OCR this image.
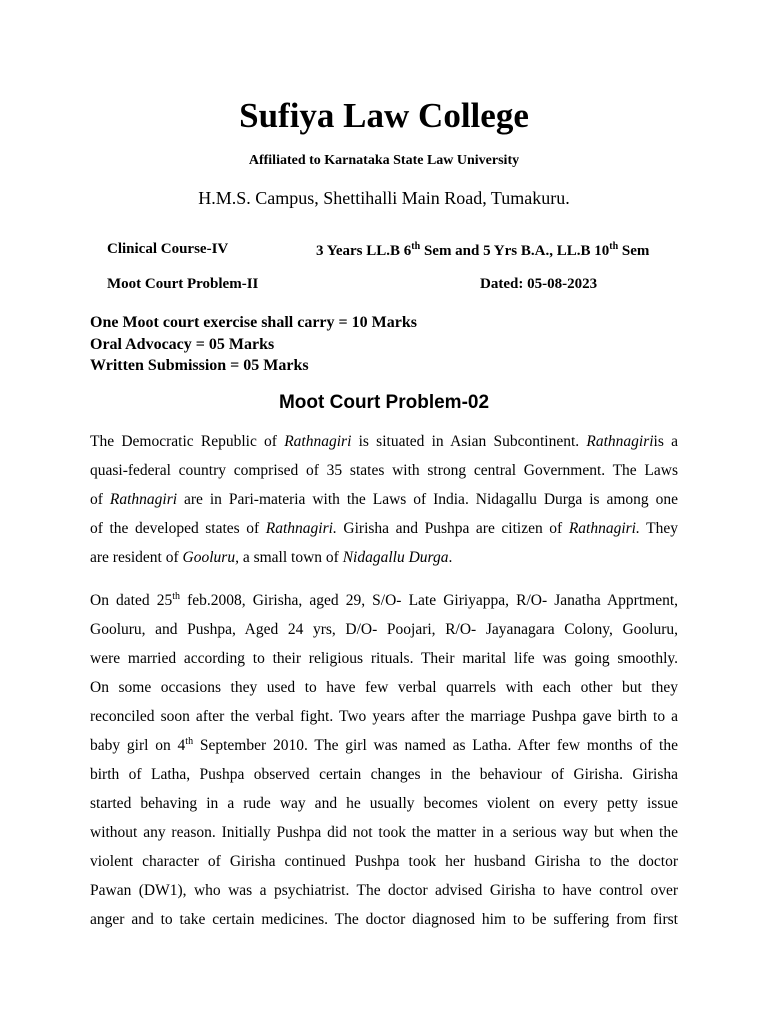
Sufiya Law College
Affiliated to Karnataka State Law University
H.M.S. Campus, Shettihalli Main Road, Tumakuru.
Clinical Course-IV	3 Years LL.B 6th Sem and 5 Yrs B.A., LL.B 10th Sem
Moot Court Problem-II	Dated: 05-08-2023
One Moot court exercise shall carry = 10 Marks
Oral Advocacy = 05 Marks
Written Submission = 05 Marks
Moot Court Problem-02
The Democratic Republic of Rathnagiri is situated in Asian Subcontinent. Rathnagiriis a
quasi-federal country comprised of 35 states with strong central Government. The Laws
of Rathnagiri are in Pari-materia with the Laws of India. Nidagallu Durga is among one
of the developed states of Rathnagiri. Girisha and Pushpa are citizen of Rathnagiri. They
are resident of Gooluru, a small town of Nidagallu Durga.
On dated 25th feb.2008, Girisha, aged 29, S/O- Late Giriyappa, R/O- Janatha Apprtment,
Gooluru, and Pushpa, Aged 24 yrs, D/O- Poojari, R/O- Jayanagara Colony, Gooluru,
were married according to their religious rituals. Their marital life was going smoothly.
On some occasions they used to have few verbal quarrels with each other but they
reconciled soon after the verbal fight. Two years after the marriage Pushpa gave birth to a
baby girl on 4th September 2010. The girl was named as Latha. After few months of the
birth of Latha, Pushpa observed certain changes in the behaviour of Girisha. Girisha
started behaving in a rude way and he usually becomes violent on every petty issue
without any reason. Initially Pushpa did not took the matter in a serious way but when the
violent character of Girisha continued Pushpa took her husband Girisha to the doctor
Pawan (DW1), who was a psychiatrist. The doctor advised Girisha to have control over
anger and to take certain medicines. The doctor diagnosed him to be suffering from first
